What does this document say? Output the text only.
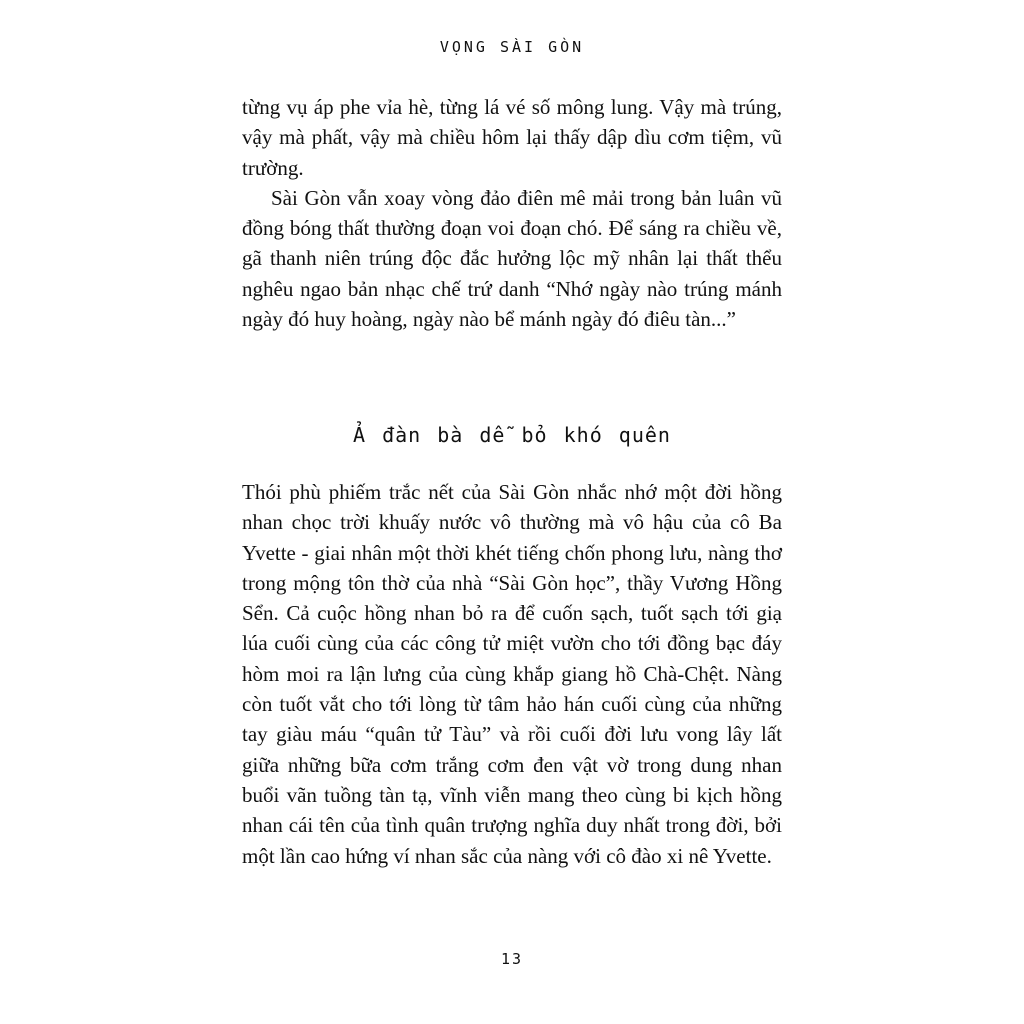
VỌNG SÀI GÒN

từng vụ áp phe vỉa hè, từng lá vé số mông lung. Vậy mà trúng, vậy mà phất, vậy mà chiều hôm lại thấy dập dìu cơm tiệm, vũ trường.

Sài Gòn vẫn xoay vòng đảo điên mê mải trong bản luân vũ đồng bóng thất thường đoạn voi đoạn chó. Để sáng ra chiều về, gã thanh niên trúng độc đắc hưởng lộc mỹ nhân lại thất thểu nghêu ngao bản nhạc chế trứ danh “Nhớ ngày nào trúng mánh ngày đó huy hoàng, ngày nào bể mánh ngày đó điêu tàn...”

Ả đàn bà dễ bỏ khó quên

Thói phù phiếm trắc nết của Sài Gòn nhắc nhớ một đời hồng nhan chọc trời khuấy nước vô thường mà vô hậu của cô Ba Yvette - giai nhân một thời khét tiếng chốn phong lưu, nàng thơ trong mộng tôn thờ của nhà “Sài Gòn học”, thầy Vương Hồng Sển. Cả cuộc hồng nhan bỏ ra để cuốn sạch, tuốt sạch tới giạ lúa cuối cùng của các công tử miệt vườn cho tới đồng bạc đáy hòm moi ra lận lưng của cùng khắp giang hồ Chà-Chệt. Nàng còn tuốt vắt cho tới lòng từ tâm hảo hán cuối cùng của những tay giàu máu “quân tử Tàu” và rồi cuối đời lưu vong lây lất giữa những bữa cơm trắng cơm đen vật vờ trong dung nhan buổi vãn tuồng tàn tạ, vĩnh viễn mang theo cùng bi kịch hồng nhan cái tên của tình quân trượng nghĩa duy nhất trong đời, bởi một lần cao hứng ví nhan sắc của nàng với cô đào xi nê Yvette.

13
